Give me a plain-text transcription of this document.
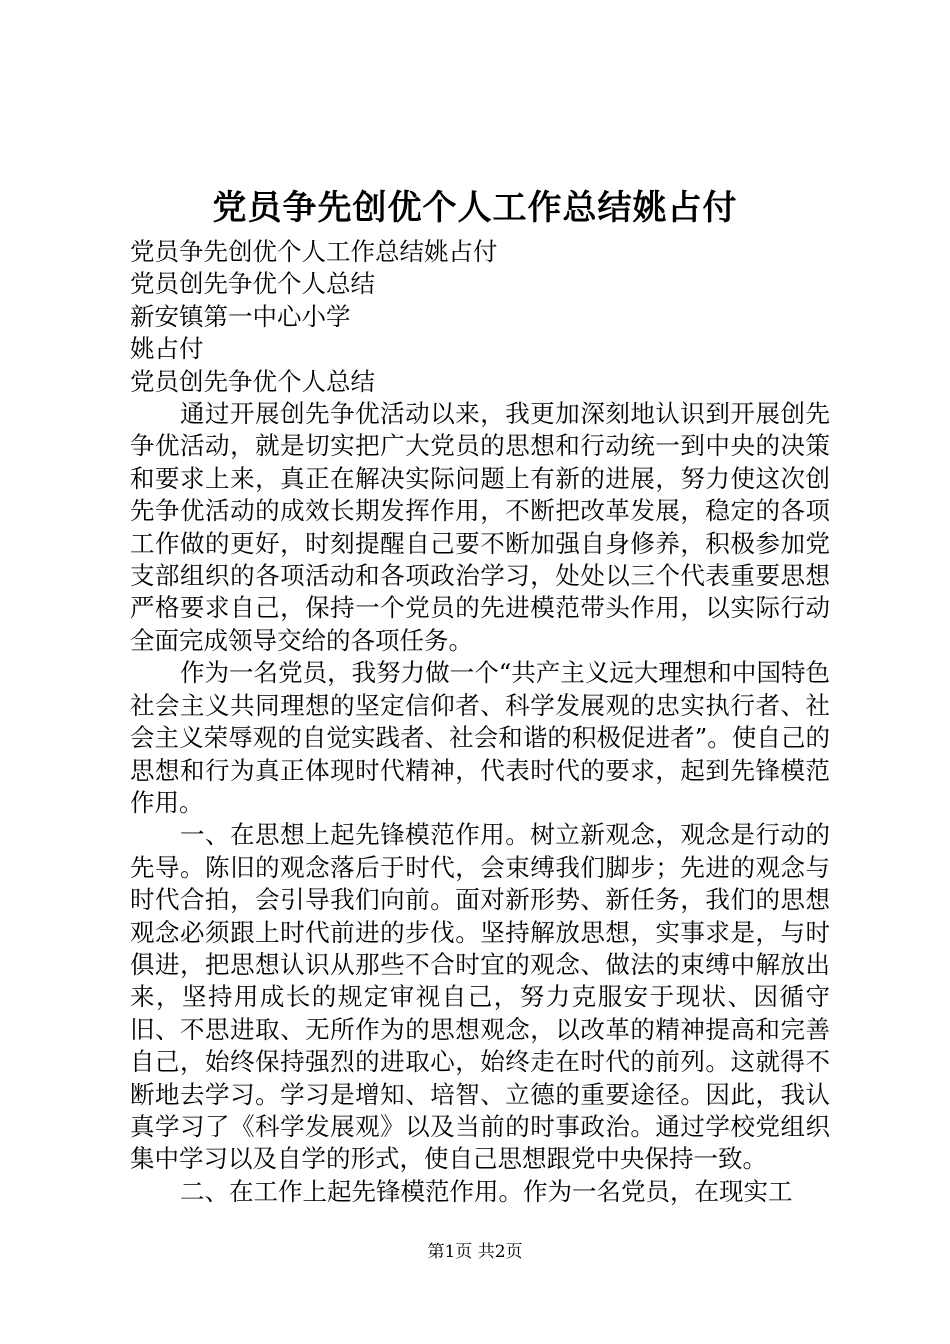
党员争先创优个人工作总结姚占付

党员争先创优个人工作总结姚占付

党员创先争优个人总结

新安镇第一中心小学

姚占付

党员创先争优个人总结

通过开展创先争优活动以来，我更加深刻地认识到开展创先争优活动，就是切实把广大党员的思想和行动统一到中央的决策和要求上来，真正在解决实际问题上有新的进展，努力使这次创先争优活动的成效长期发挥作用，不断把改革发展，稳定的各项工作做的更好，时刻提醒自己要不断加强自身修养，积极参加党支部组织的各项活动和各项政治学习，处处以三个代表重要思想严格要求自己，保持一个党员的先进模范带头作用，以实际行动全面完成领导交给的各项任务。

作为一名党员，我努力做一个“共产主义远大理想和中国特色社会主义共同理想的坚定信仰者、科学发展观的忠实执行者、社会主义荣辱观的自觉实践者、社会和谐的积极促进者”。使自己的思想和行为真正体现时代精神，代表时代的要求，起到先锋模范作用。

一、在思想上起先锋模范作用。树立新观念，观念是行动的先导。陈旧的观念落后于时代，会束缚我们脚步；先进的观念与时代合拍，会引导我们向前。面对新形势、新任务，我们的思想观念必须跟上时代前进的步伐。坚持解放思想，实事求是，与时俱进，把思想认识从那些不合时宜的观念、做法的束缚中解放出来，坚持用成长的规定审视自己，努力克服安于现状、因循守旧、不思进取、无所作为的思想观念，以改革的精神提高和完善自己，始终保持强烈的进取心，始终走在时代的前列。这就得不断地去学习。学习是增知、培智、立德的重要途径。因此，我认真学习了《科学发展观》以及当前的时事政治。通过学校党组织集中学习以及自学的形式，使自己思想跟党中央保持一致。

二、在工作上起先锋模范作用。作为一名党员，在现实工

第1页 共2页
